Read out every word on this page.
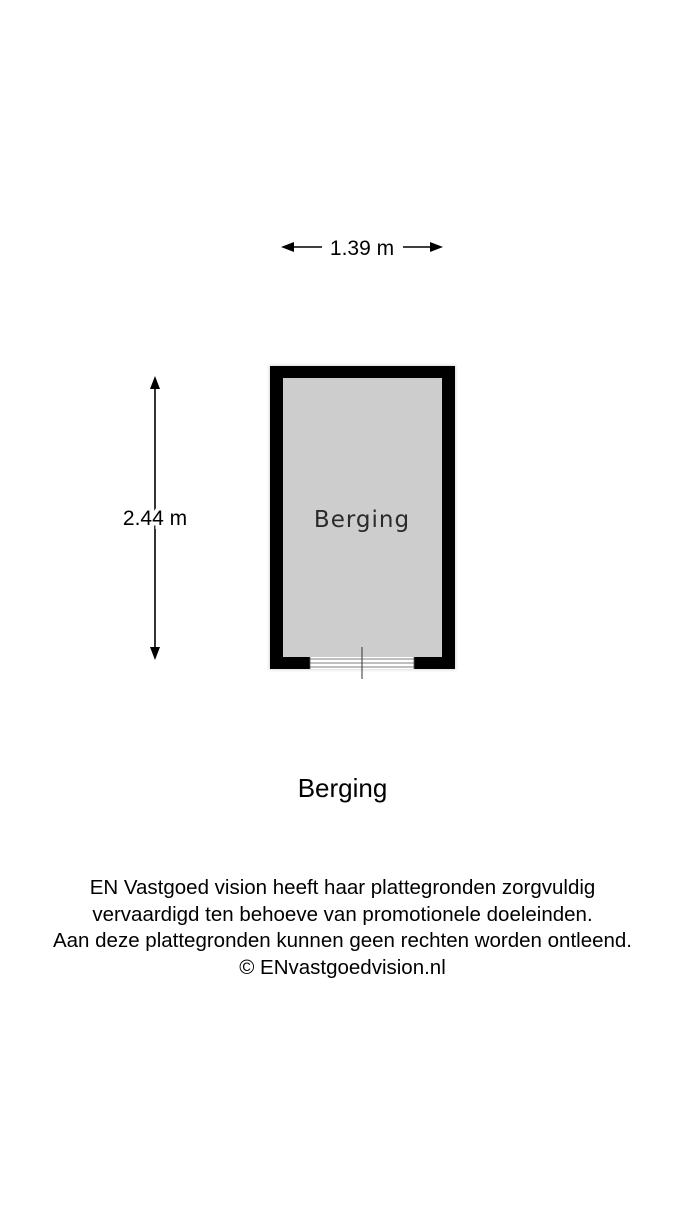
1.39 m
2.44 m	Berging
Berging
EN Vastgoed vision heeft haar plattegronden zorgvuldig
vervaardigd ten behoeve van promotionele doeleinden.
Aan deze plattegronden kunnen geen rechten worden ontleend.
© ENvastgoedvision.nl
